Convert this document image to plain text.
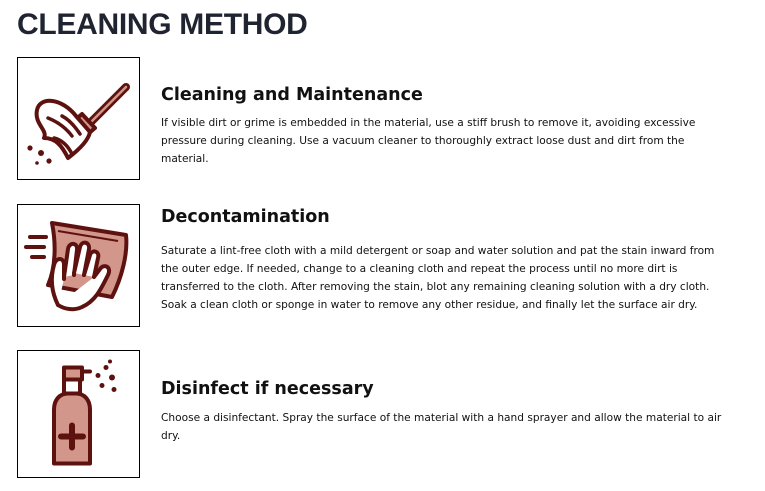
CLEANING METHOD
Cleaning and Maintenance

If visible dirt or grime is embedded in the material, use a stiff brush to remove it, avoiding excessive pressure during cleaning. Use a vacuum cleaner to thoroughly extract loose dust and dirt from the material.

Decontamination

Saturate a lint-free cloth with a mild detergent or soap and water solution and pat the stain inward from the outer edge. If needed, change to a cleaning cloth and repeat the process until no more dirt is transferred to the cloth. After removing the stain, blot any remaining cleaning solution with a dry cloth. Soak a clean cloth or sponge in water to remove any other residue, and finally let the surface air dry.

Disinfect if necessary

Choose a disinfectant. Spray the surface of the material with a hand sprayer and allow the material to air dry.
